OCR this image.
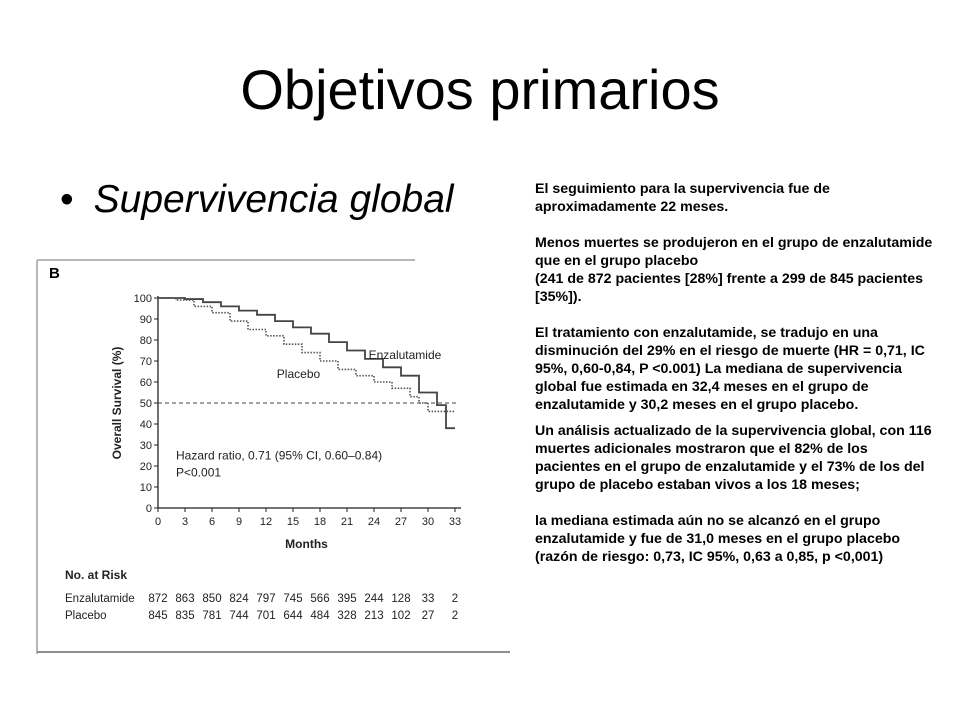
Objetivos primarios
• Supervivencia global
B
0
10
20
30
40
50
60
70
80
90
100
0 3 6 9 12 15 18 21 24 27 30 33
Overall Survival (%)
Months
Enzalutamide
Placebo
Hazard ratio, 0.71 (95% CI, 0.60–0.84)
P<0.001
No. at Risk
Enzalutamide 872 863 850 824 797 745 566 395 244 128 33 2
Placebo	845 835 781 744 701 644 484 328 213 102 27 2

El seguimiento para la supervivencia fue de aproximadamente 22 meses.

Menos muertes se produjeron en el grupo de enzalutamide que en el grupo placebo
(241 de 872 pacientes [28%] frente a 299 de 845 pacientes [35%]).

El tratamiento con enzalutamide, se tradujo en una disminución del 29% en el riesgo de muerte (HR = 0,71, IC 95%, 0,60-0,84, P <0.001) La mediana de supervivencia global fue estimada en 32,4 meses en el grupo de enzalutamide y 30,2 meses en el grupo placebo.

Un análisis actualizado de la supervivencia global, con 116 muertes adicionales mostraron que el 82% de los pacientes en el grupo de enzalutamide y el 73% de los del grupo de placebo estaban vivos a los 18 meses;

la mediana estimada aún no se alcanzó en el grupo enzalutamide y fue de 31,0 meses en el grupo placebo (razón de riesgo: 0,73, IC 95%, 0,63 a 0,85, p <0,001)
